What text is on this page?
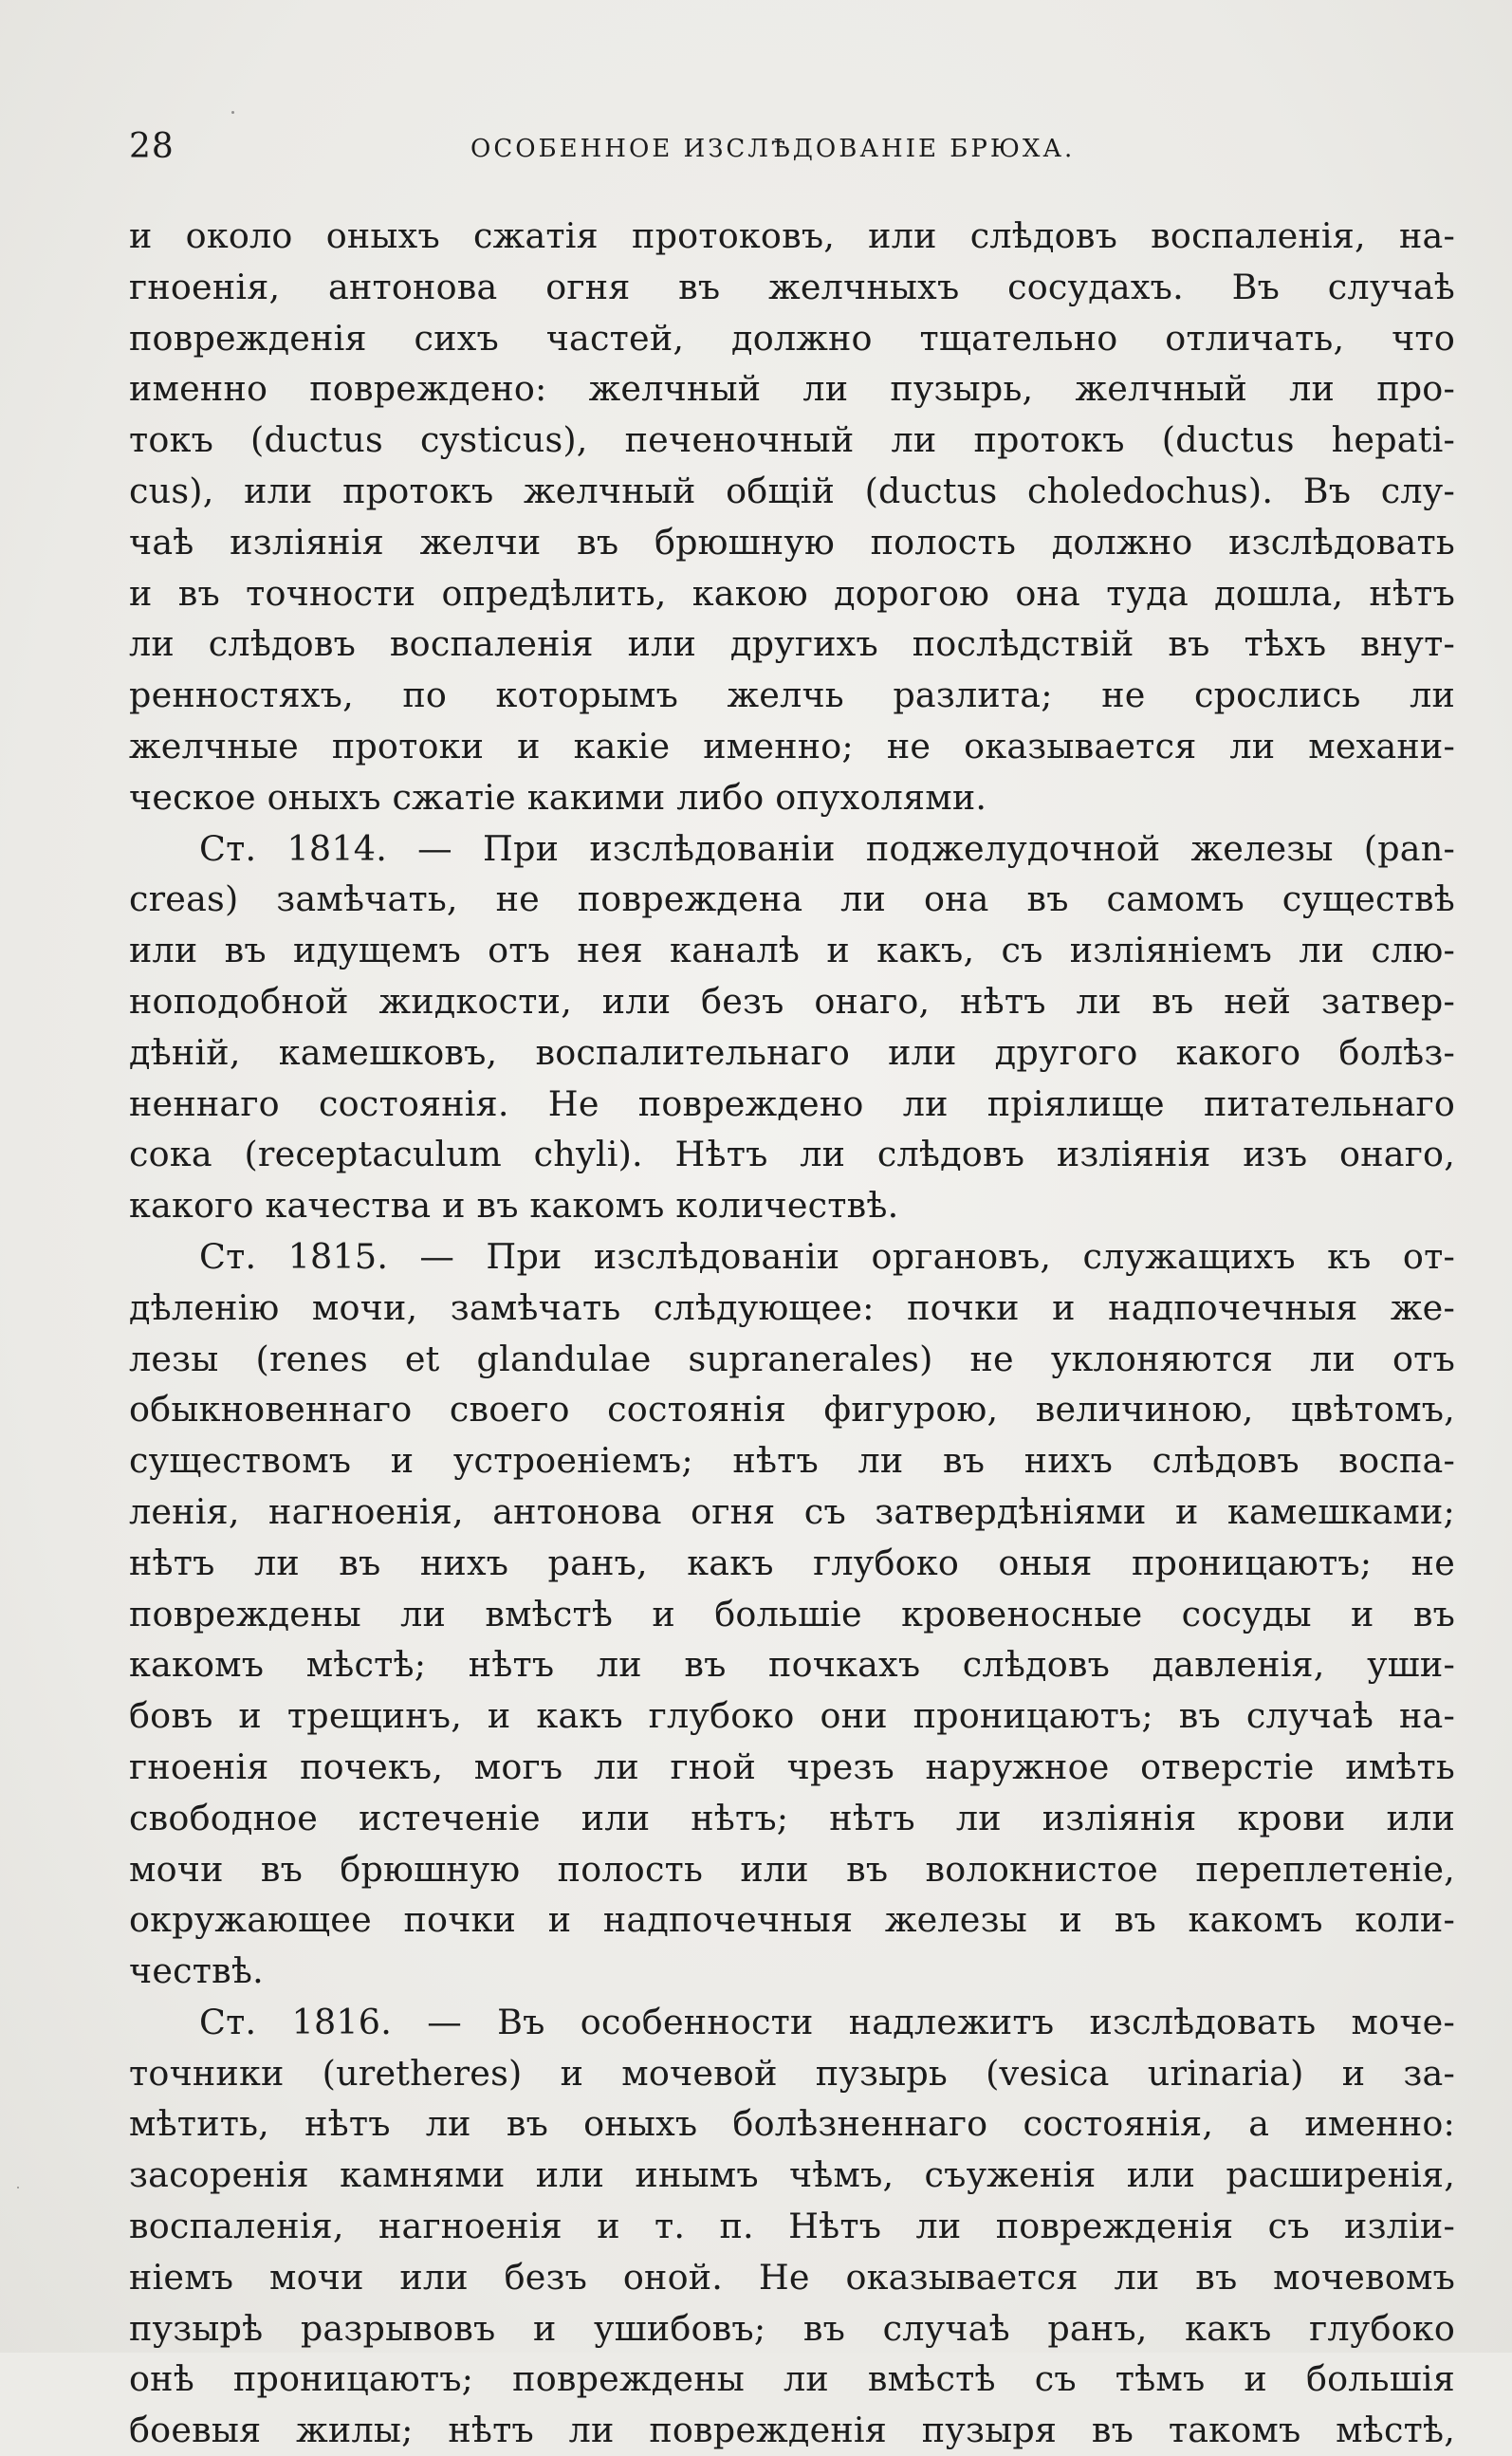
28	ОСОБЕННОЕ ИЗСЛѢДОВАНІЕ БРЮХА.
и около оныхъ сжатія протоковъ, или слѣдовъ воспаленія, на-
гноенія, антонова огня въ желчныхъ сосудахъ. Въ случаѣ
поврежденія сихъ частей, должно тщательно отличать, что
именно повреждено: желчный ли пузырь, желчный ли про-
токъ (ductus cysticus), печеночный ли протокъ (ductus hepati-
cus), или протокъ желчный общій (ductus choledochus). Въ слу-
чаѣ изліянія желчи въ брюшную полость должно изслѣдовать
и въ точности опредѣлить, какою дорогою она туда дошла, нѣтъ
ли слѣдовъ воспаленія или другихъ послѣдствій въ тѣхъ внут-
ренностяхъ, по которымъ желчь разлита; не срослись ли
желчные протоки и какіе именно; не оказывается ли механи-
ческое оныхъ сжатіе какими либо опухолями.
Ст. 1814. — При изслѣдованіи поджелудочной железы (pan-
creas) замѣчать, не повреждена ли она въ самомъ существѣ
или въ идущемъ отъ нея каналѣ и какъ, съ изліяніемъ ли слю-
ноподобной жидкости, или безъ онаго, нѣтъ ли въ ней затвер-
дѣній, камешковъ, воспалительнаго или другого какого болѣз-
неннаго состоянія. Не повреждено ли пріялище питательнаго
сока (receptaculum chyli). Нѣтъ ли слѣдовъ изліянія изъ онаго,
какого качества и въ какомъ количествѣ.
Ст. 1815. — При изслѣдованіи органовъ, служащихъ къ от-
дѣленію мочи, замѣчать слѣдующее: почки и надпочечныя же-
лезы (renes et glandulae supranerales) не уклоняются ли отъ
обыкновеннаго своего состоянія фигурою, величиною, цвѣтомъ,
существомъ и устроеніемъ; нѣтъ ли въ нихъ слѣдовъ воспа-
ленія, нагноенія, антонова огня съ затвердѣніями и камешками;
нѣтъ ли въ нихъ ранъ, какъ глубоко оныя проницаютъ; не
повреждены ли вмѣстѣ и большіе кровеносные сосуды и въ
какомъ мѣстѣ; нѣтъ ли въ почкахъ слѣдовъ давленія, уши-
бовъ и трещинъ, и какъ глубоко они проницаютъ; въ случаѣ на-
гноенія почекъ, могъ ли гной чрезъ наружное отверстіе имѣть
свободное истеченіе или нѣтъ; нѣтъ ли изліянія крови или
мочи въ брюшную полость или въ волокнистое переплетеніе,
окружающее почки и надпочечныя железы и въ какомъ коли-
чествѣ.
Ст. 1816. — Въ особенности надлежитъ изслѣдовать моче-
точники (uretheres) и мочевой пузырь (vesica urinaria) и за-
мѣтить, нѣтъ ли въ оныхъ болѣзненнаго состоянія, а именно:
засоренія камнями или инымъ чѣмъ, съуженія или расширенія,
воспаленія, нагноенія и т. п. Нѣтъ ли поврежденія съ изліи-
ніемъ мочи или безъ оной. Не оказывается ли въ мочевомъ
пузырѣ разрывовъ и ушибовъ; въ случаѣ ранъ, какъ глубоко
онѣ проницаютъ; повреждены ли вмѣстѣ съ тѣмъ и большія
боевыя жилы; нѣтъ ли поврежденія пузыря въ такомъ мѣстѣ,
